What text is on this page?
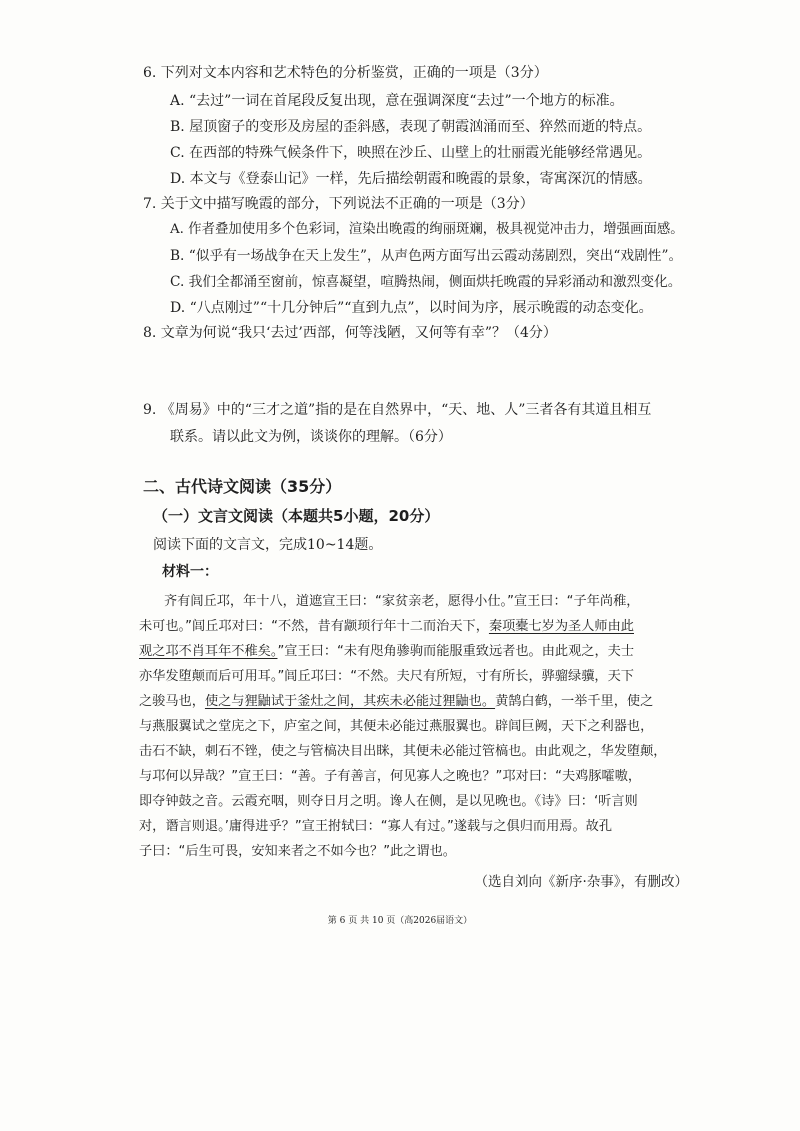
6. 下列对文本内容和艺术特色的分析鉴赏，正确的一项是（3分）
A. “去过”一词在首尾段反复出现，意在强调深度“去过”一个地方的标准。
B. 屋顶窗子的变形及房屋的歪斜感，表现了朝霞汹涌而至、猝然而逝的特点。
C. 在西部的特殊气候条件下，映照在沙丘、山壁上的壮丽霞光能够经常遇见。
D. 本文与《登泰山记》一样，先后描绘朝霞和晚霞的景象，寄寓深沉的情感。
7. 关于文中描写晚霞的部分，下列说法不正确的一项是（3分）
A. 作者叠加使用多个色彩词，渲染出晚霞的绚丽斑斓，极具视觉冲击力，增强画面感。
B. “似乎有一场战争在天上发生”，从声色两方面写出云霞动荡剧烈，突出“戏剧性”。
C. 我们全都涌至窗前，惊喜凝望，喧腾热闹，侧面烘托晚霞的异彩涌动和激烈变化。
D. “八点刚过”“十几分钟后”“直到九点”，以时间为序，展示晚霞的动态变化。
8. 文章为何说“我只‘去过’西部，何等浅陋，又何等有幸”？（4分）
9. 《周易》中的“三才之道”指的是在自然界中，“天、地、人”三者各有其道且相互
联系。请以此文为例，谈谈你的理解。（6分）
二、古代诗文阅读（35分）
（一）文言文阅读（本题共5小题，20分）
阅读下面的文言文，完成10~14题。
材料一：
齐有闾丘邛，年十八，道遮宣王曰：“家贫亲老，愿得小仕。”宣王曰：“子年尚稚，
未可也。”闾丘邛对曰：“不然，昔有颛顼行年十二而治天下，秦项橐七岁为圣人师由此
观之邛不肖耳年不稚矣。”宣王曰：“未有咫角骖驹而能服重致远者也。由此观之，夫士
亦华发堕颠而后可用耳。”闾丘邛曰：“不然。夫尺有所短，寸有所长，骅骝绿骥，天下
之骏马也，使之与狸鼬试于釜灶之间，其疾未必能过狸鼬也。黄鹄白鹤，一举千里，使之
与燕服翼试之堂庑之下，庐室之间，其便未必能过燕服翼也。辟闾巨阙，天下之利器也，
击石不缺，刺石不锉，使之与管槁决目出眯，其便未必能过管槁也。由此观之，华发堕颠，
与邛何以异哉？”宣王曰：“善。子有善言，何见寡人之晚也？”邛对曰：“夫鸡豚嚯嗷，
即夺钟鼓之音。云霞充咽，则夺日月之明。谗人在侧，是以见晚也。《诗》曰：‘听言则
对，谮言则退。’庸得进乎？”宣王拊轼曰：“寡人有过。”遂载与之俱归而用焉。故孔
子曰：“后生可畏，安知来者之不如今也？”此之谓也。
（选自刘向《新序·杂事》，有删改）
第 6 页 共 10 页（高2026届语文）
